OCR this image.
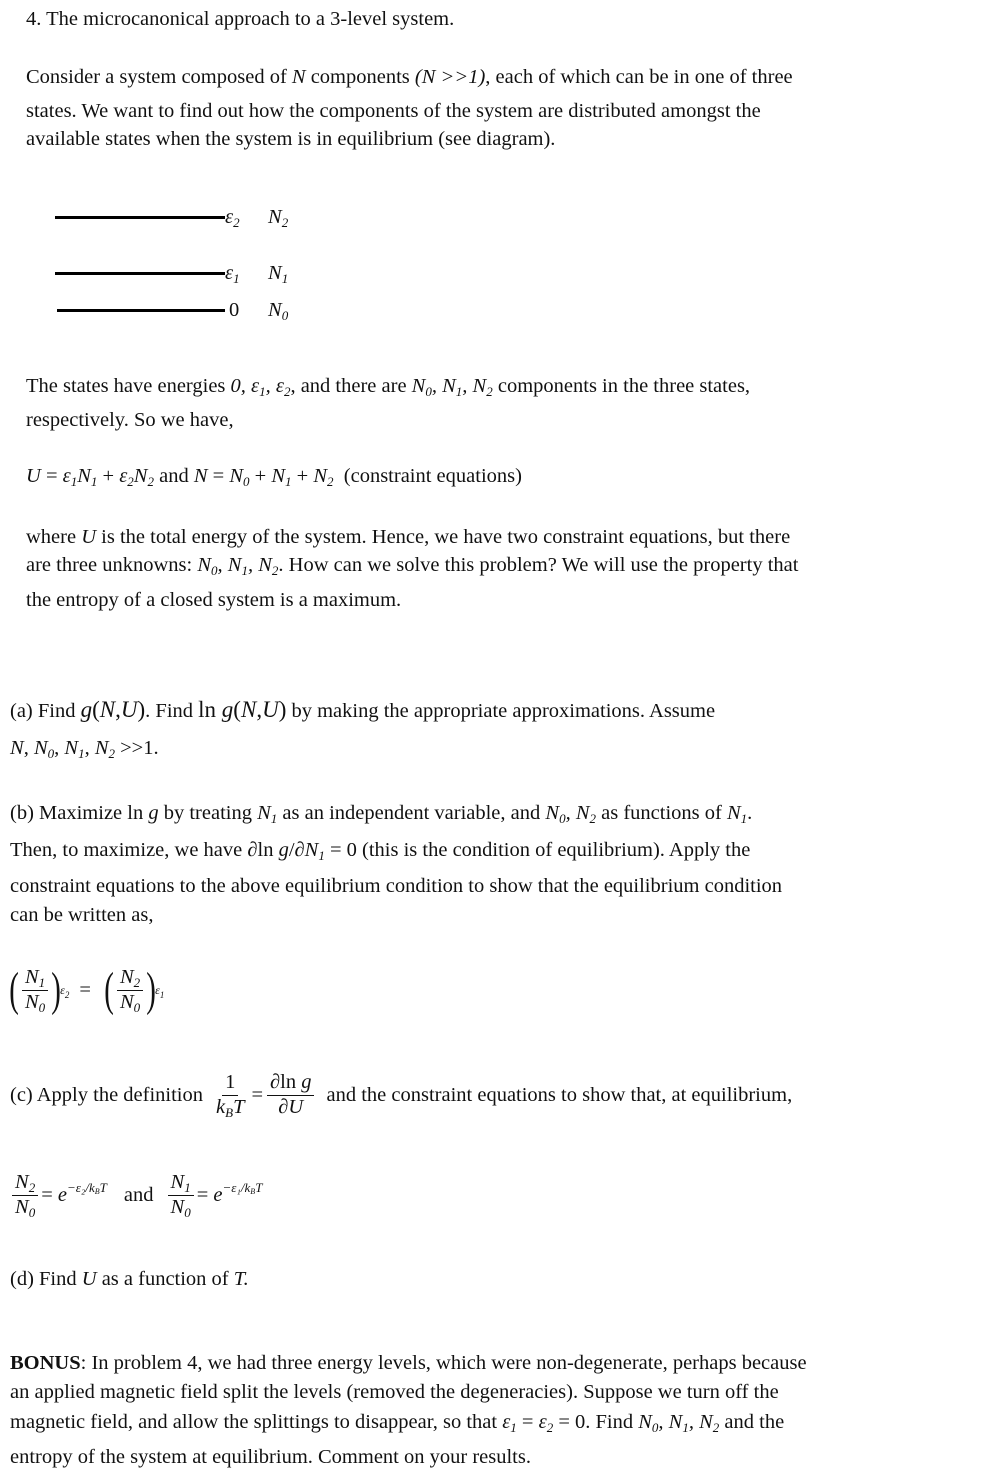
4. The microcanonical approach to a 3-level system.
Consider a system composed of N components (N >>1), each of which can be in one of three
states. We want to find out how the components of the system are distributed amongst the
available states when the system is in equilibrium (see diagram).
$\varepsilon_2$ $N_2$
$\varepsilon_1$ $N_1$
0 $N_0$
The states have energies 0, $\varepsilon_1$, $\varepsilon_2$, and there are $N_0$, $N_1$, $N_2$ components in the three states,
respectively. So we have,
$U = \varepsilon_1N_1 + \varepsilon_2N_2$ and $N = N_0 + N_1 + N_2$ (constraint equations)
where U is the total energy of the system. Hence, we have two constraint equations, but there
are three unknowns: $N_0$, $N_1$, $N_2$. How can we solve this problem? We will use the property that
the entropy of a closed system is a maximum.
(a) Find g(N,U). Find ln g(N,U) by making the appropriate approximations. Assume
N, $N_0$, $N_1$, $N_2 >>1$.
(b) Maximize ln g by treating $N_1$ as an independent variable, and $N_0$, $N_2$ as functions of $N_1$.
Then, to maximize, we have ∂ln $g/\partial N_1 = 0$ (this is the condition of equilibrium). Apply the
constraint equations to the above equilibrium condition to show that the equilibrium condition
can be written as,
( $\frac{N_1}{N_0}$ ) $\varepsilon_2$ = ( $\frac{N_2}{N_0}$ ) $\varepsilon_1$
(c) Apply the definition $\frac{1}{k_BT} = \frac{\text{∂ln g}}{\partial U}$ and the constraint equations to show that, at equilibrium,
$\frac{N_2}{N_0} = e^{-\varepsilon_2/k_BT}$ and $\frac{N_1}{N_0} = e^{-\varepsilon_1/k_BT}$
(d) Find U as a function of T.
BONUS: In problem 4, we had three energy levels, which were non-degenerate, perhaps because
an applied magnetic field split the levels (removed the degeneracies). Suppose we turn off the
magnetic field, and allow the splittings to disappear, so that $\varepsilon_1 = \varepsilon_2 = 0$. Find $N_0$, $N_1$, $N_2$ and the
entropy of the system at equilibrium. Comment on your results.
